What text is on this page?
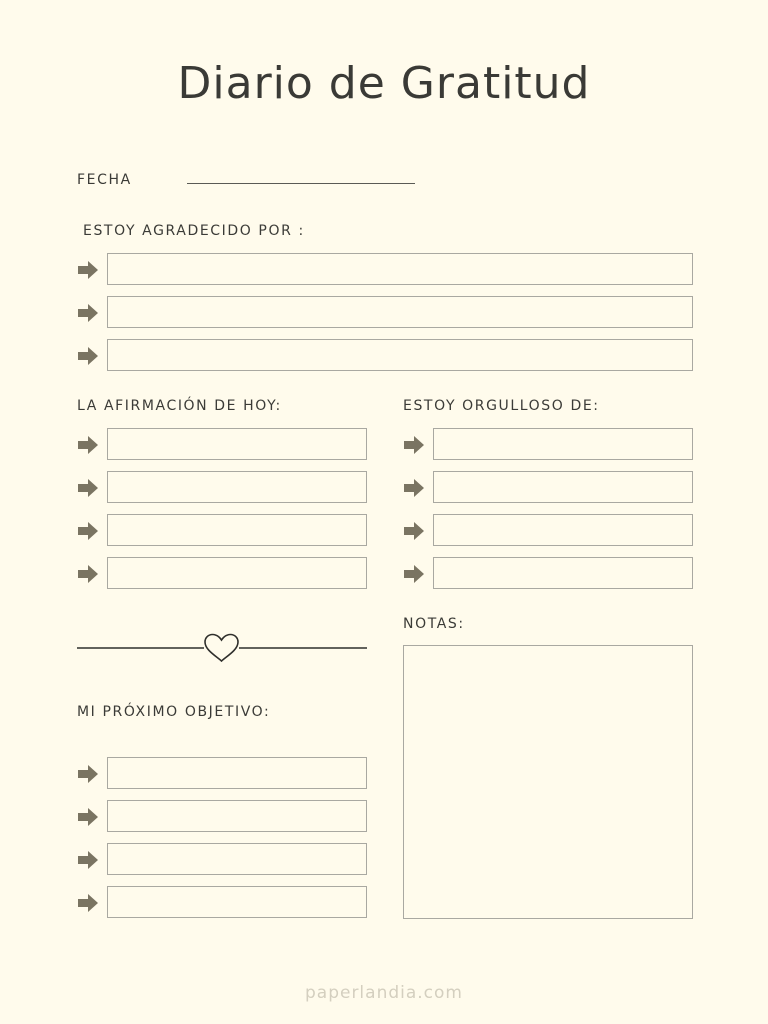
Diario de Gratitud
FECHA
ESTOY AGRADECIDO POR :
LA AFIRMACIÓN DE HOY:	ESTOY ORGULLOSO DE:
NOTAS:
MI PRÓXIMO OBJETIVO:
paperlandia.com
